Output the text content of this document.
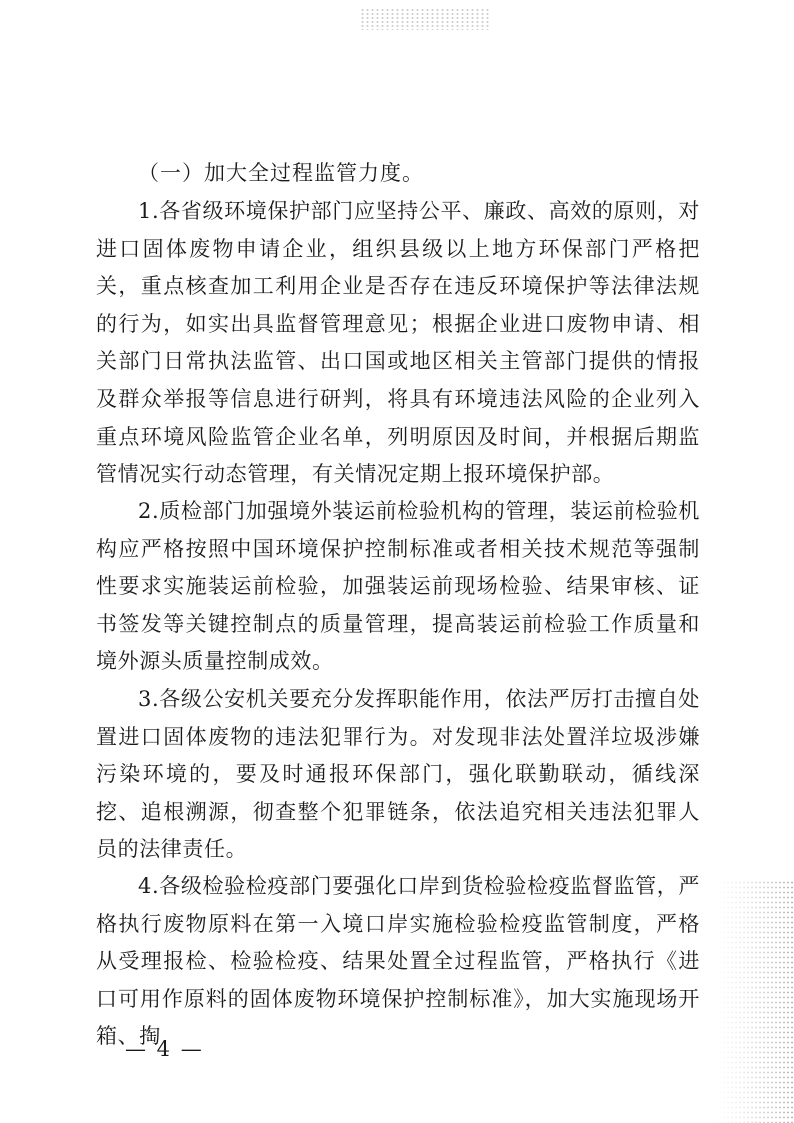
（一）加大全过程监管力度。

1.各省级环境保护部门应坚持公平、廉政、高效的原则，对进口固体废物申请企业，组织县级以上地方环保部门严格把关，重点核查加工利用企业是否存在违反环境保护等法律法规的行为，如实出具监督管理意见；根据企业进口废物申请、相关部门日常执法监管、出口国或地区相关主管部门提供的情报及群众举报等信息进行研判，将具有环境违法风险的企业列入重点环境风险监管企业名单，列明原因及时间，并根据后期监管情况实行动态管理，有关情况定期上报环境保护部。

2.质检部门加强境外装运前检验机构的管理，装运前检验机构应严格按照中国环境保护控制标准或者相关技术规范等强制性要求实施装运前检验，加强装运前现场检验、结果审核、证书签发等关键控制点的质量管理，提高装运前检验工作质量和境外源头质量控制成效。

3.各级公安机关要充分发挥职能作用，依法严厉打击擅自处置进口固体废物的违法犯罪行为。对发现非法处置洋垃圾涉嫌污染环境的，要及时通报环保部门，强化联勤联动，循线深挖、追根溯源，彻查整个犯罪链条，依法追究相关违法犯罪人员的法律责任。

4.各级检验检疫部门要强化口岸到货检验检疫监督监管，严格执行废物原料在第一入境口岸实施检验检疫监管制度，严格从受理报检、检验检疫、结果处置全过程监管，严格执行《进口可用作原料的固体废物环境保护控制标准》，加大实施现场开箱、掏

— 4 —
